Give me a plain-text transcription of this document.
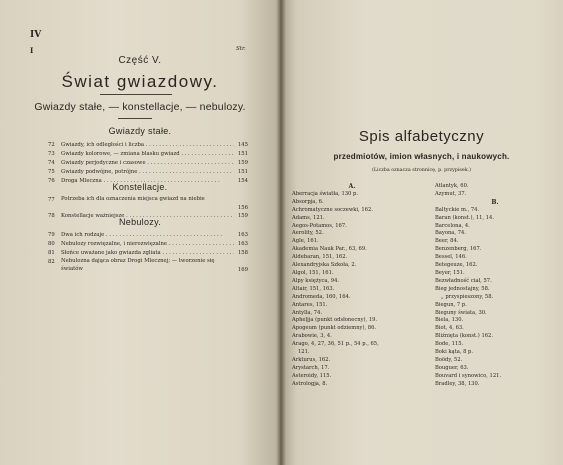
IV
I	Str.
Część V.
Świat gwiazdowy.
Gwiazdy stałe, — konstellacje, — nebulozy.
Gwiazdy stałe.
72	Gwiazdy, ich odległości i liczba . . .	145
73	Gwiazdy kolorowe, — zmiana blasku gwiazd . . .	151
74	Gwiazdy perjodyczne i czasowe . . .	159
75	Gwiazdy podwójne, potrójne . . .	151
76	Droga Mleczna . . .	154
Konstellacje.
77	Potrzeba ich dla oznaczenia miejsca gwiazd na niebie
156
78	Konstellacje ważniejsze . . .	159
Nebulozy.
79	Dwa ich rodzaje . . .	163
80	Nebulozy rozwięzalne, i nierozwięzalne . . .	163
81	Słońce uważane jako gwiazda zgliata . . .	158
82	Nebulozna dająca obraz Drogi Mlecznej; — tworzenie się światów	169
Spis alfabetyczny
przedmiotów, imion własnych, i naukowych.
(Liczba oznacza stronnicę, p. przypisek.)
A.
Aberracja światła, 130 p.
Absorpja, 6.
Achromatyczne soczewki, 162.
Adams, 121.
Aegos-Potamos, 167.
Aerolity, 52.
Agle, 161.
Akademia Nauk Par., 63, 69.
Aldebaran, 151, 162.
Alexandryjska Szkoła, 2.
Algol, 151, 161.
Alpy księżyca, 94.
Altair, 151, 163.
Andromeda, 160, 164.
Antares, 151.
Antylla, 74.
Apheljja (punkt odsłonecny), 19.
Apogeum (punkt odziemny), 86.
Arabowie, 3, 4.
Arago, 4, 27, 36, 51 p., 54 p., 65,
121.
Arkturus, 162.
Arystarch, 17.
Asteroidy, 115.
Astrologja, 8.
Atlantyk, 60.
Azymut, 37.
B.
Baltyckie m., 74.
Baran (konst.), 11, 14.
Barcelona, 4.
Bayona, 74.
Beer, 84.
Benzenberg, 167.
Bessel, 146.
Betegeuze, 162.
Beyer, 151.
Bezwładność ciał, 57.
Bieg jednostajny, 58.
„ przyspieszony, 58.
Biegun, 7 p.
Bieguny świata, 30.
Biela, 130.
Biot, 4, 63.
Bliźnięta (konst.) 162.
Bode, 115.
Boki kąta, 8 p.
Boödy, 52.
Bouguer, 63.
Bouvard i synowico, 121.
Bradley, 38, 130.
